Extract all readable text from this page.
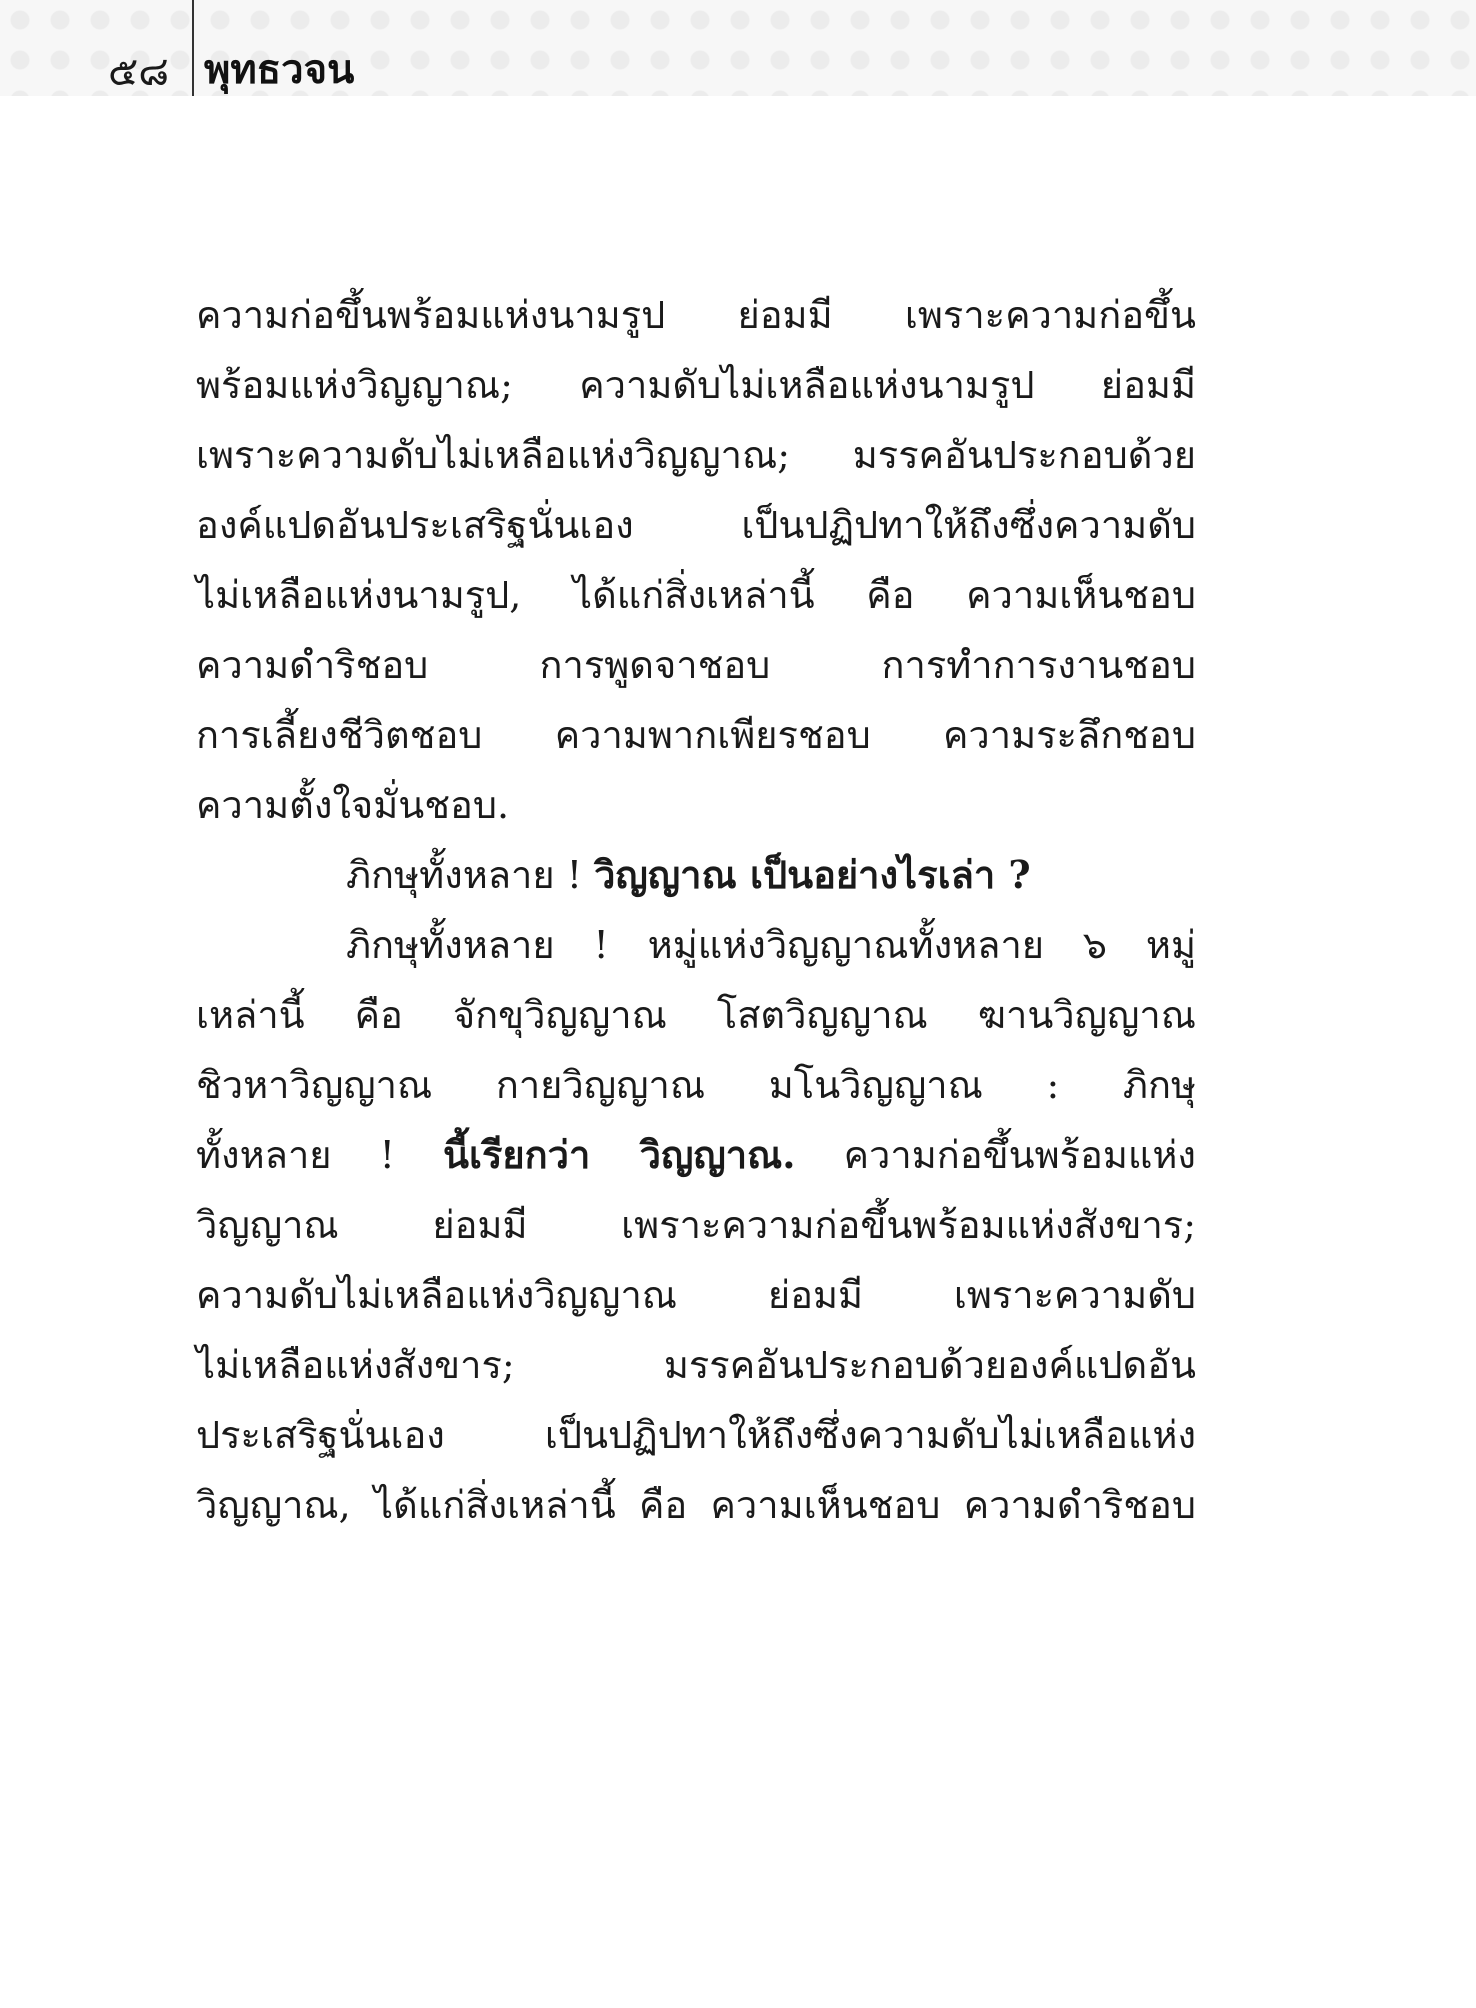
๕๘ พุทธวจน
ความก่อขึ้นพร้อมแห่งนามรูป ย่อมมี เพราะความก่อขึ้น
พร้อมแห่งวิญญาณ; ความดับไม่เหลือแห่งนามรูป ย่อมมี
เพราะความดับไม่เหลือแห่งวิญญาณ; มรรคอันประกอบด้วย
องค์แปดอันประเสริฐนั่นเอง เป็นปฏิปทาให้ถึงซึ่งความดับ
ไม่เหลือแห่งนามรูป, ได้แก่สิ่งเหล่านี้ คือ ความเห็นชอบ
ความดำริชอบ การพูดจาชอบ การทำการงานชอบ
การเลี้ยงชีวิตชอบ ความพากเพียรชอบ ความระลึกชอบ
ความตั้งใจมั่นชอบ.
ภิกษุทั้งหลาย ! วิญญาณ เป็นอย่างไรเล่า ?
ภิกษุทั้งหลาย ! หมู่แห่งวิญญาณทั้งหลาย ๖ หมู่
เหล่านี้ คือ จักขุวิญญาณ โสตวิญญาณ ฆานวิญญาณ
ชิวหาวิญญาณ กายวิญญาณ มโนวิญญาณ : ภิกษุ
ทั้งหลาย ! นี้เรียกว่า วิญญาณ. ความก่อขึ้นพร้อมแห่ง
วิญญาณ ย่อมมี เพราะความก่อขึ้นพร้อมแห่งสังขาร;
ความดับไม่เหลือแห่งวิญญาณ ย่อมมี เพราะความดับ
ไม่เหลือแห่งสังขาร; มรรคอันประกอบด้วยองค์แปดอัน
ประเสริฐนั่นเอง เป็นปฏิปทาให้ถึงซึ่งความดับไม่เหลือแห่ง
วิญญาณ, ได้แก่สิ่งเหล่านี้ คือ ความเห็นชอบ ความดำริชอบ
